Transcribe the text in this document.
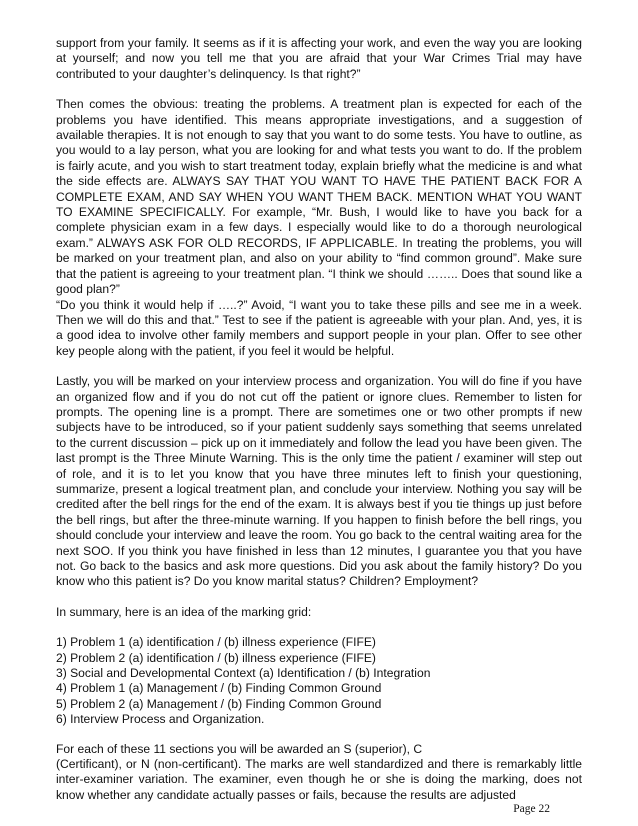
support from your family. It seems as if it is affecting your work, and even the way you are looking at yourself; and now you tell me that you are afraid that your War Crimes Trial may have contributed to your daughter’s delinquency. Is that right?”

Then comes the obvious: treating the problems. A treatment plan is expected for each of the problems you have identified. This means appropriate investigations, and a suggestion of available therapies. It is not enough to say that you want to do some tests. You have to outline, as you would to a lay person, what you are looking for and what tests you want to do. If the problem is fairly acute, and you wish to start treatment today, explain briefly what the medicine is and what the side effects are. ALWAYS SAY THAT YOU WANT TO HAVE THE PATIENT BACK FOR A COMPLETE EXAM, AND SAY WHEN YOU WANT THEM BACK. MENTION WHAT YOU WANT TO EXAMINE SPECIFICALLY. For example, “Mr. Bush, I would like to have you back for a complete physician exam in a few days. I especially would like to do a thorough neurological exam.” ALWAYS ASK FOR OLD RECORDS, IF APPLICABLE. In treating the problems, you will be marked on your treatment plan, and also on your ability to “find common ground”. Make sure that the patient is agreeing to your treatment plan. “I think we should …….. Does that sound like a good plan?”

“Do you think it would help if …..?” Avoid, “I want you to take these pills and see me in a week. Then we will do this and that.” Test to see if the patient is agreeable with your plan. And, yes, it is a good idea to involve other family members and support people in your plan. Offer to see other key people along with the patient, if you feel it would be helpful.

Lastly, you will be marked on your interview process and organization. You will do fine if you have an organized flow and if you do not cut off the patient or ignore clues. Remember to listen for prompts. The opening line is a prompt. There are sometimes one or two other prompts if new subjects have to be introduced, so if your patient suddenly says something that seems unrelated to the current discussion – pick up on it immediately and follow the lead you have been given. The last prompt is the Three Minute Warning. This is the only time the patient / examiner will step out of role, and it is to let you know that you have three minutes left to finish your questioning, summarize, present a logical treatment plan, and conclude your interview. Nothing you say will be credited after the bell rings for the end of the exam. It is always best if you tie things up just before the bell rings, but after the three-minute warning. If you happen to finish before the bell rings, you should conclude your interview and leave the room. You go back to the central waiting area for the next SOO. If you think you have finished in less than 12 minutes, I guarantee you that you have not. Go back to the basics and ask more questions. Did you ask about the family history? Do you know who this patient is? Do you know marital status? Children? Employment?

In summary, here is an idea of the marking grid:

1) Problem 1 (a) identification / (b) illness experience (FIFE)
2) Problem 2 (a) identification / (b) illness experience (FIFE)
3) Social and Developmental Context (a) Identification / (b) Integration
4) Problem 1 (a) Management / (b) Finding Common Ground
5) Problem 2 (a) Management / (b) Finding Common Ground
6) Interview Process and Organization.

For each of these 11 sections you will be awarded an S (superior), C
(Certificant), or N (non-certificant). The marks are well standardized and there is remarkably little inter-examiner variation. The examiner, even though he or she is doing the marking, does not know whether any candidate actually passes or fails, because the results are adjusted

Page 22
